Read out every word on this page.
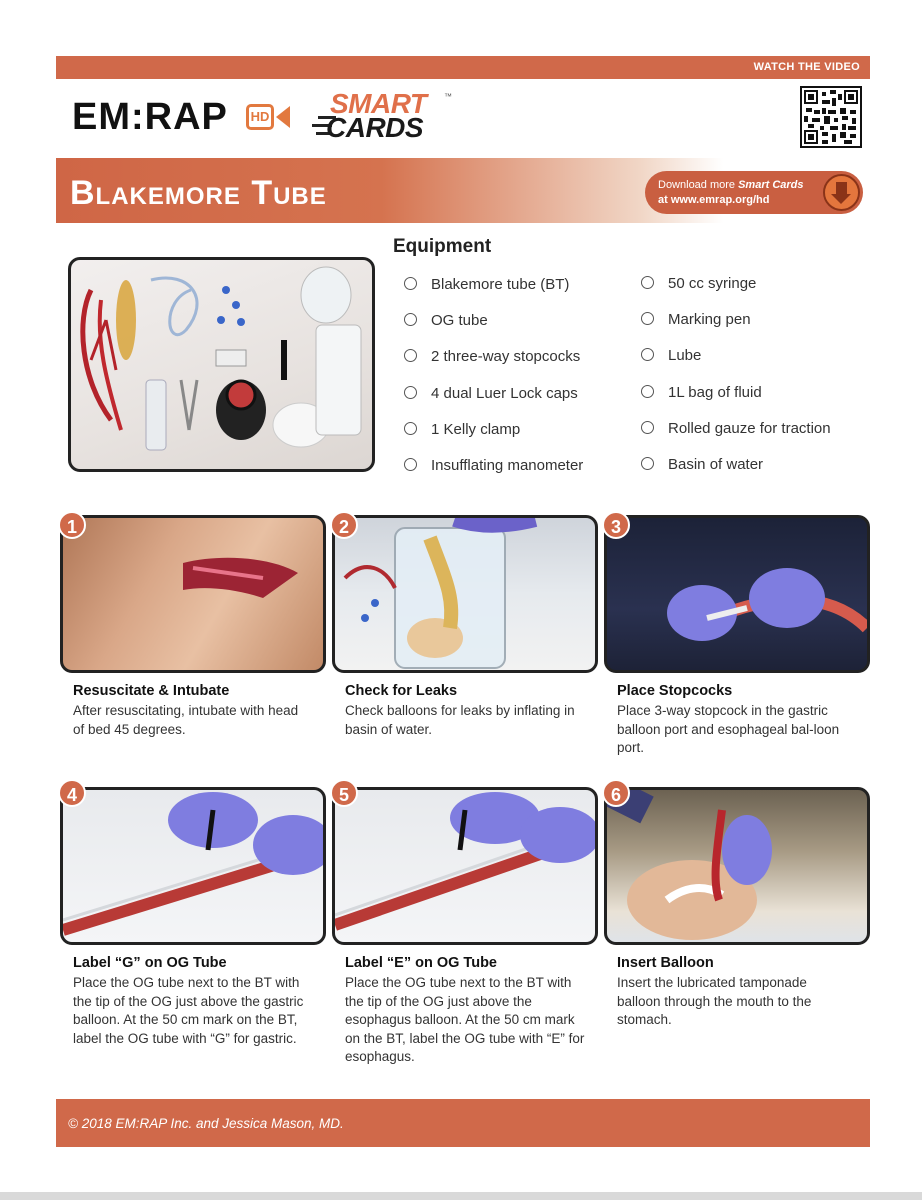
WATCH THE VIDEO
EM:RAP	HD SMART
CARDS
™
Blakemore Tube	Download more Smart Cards
at www.emrap.org/hd
Equipment
Blakemore tube (BT)
OG tube
2 three-way stopcocks
4 dual Luer Lock caps
1 Kelly clamp
Insufflating manometer
50 cc syringe
Marking pen
Lube
1L bag of fluid
Rolled gauze for traction
Basin of water
1	2	3
4	5	6
Resuscitate & Intubate
After resuscitating, intubate with head of bed 45 degrees.
Check for Leaks
Check balloons for leaks by inflating in basin of water.
Place Stopcocks
Place 3-way stopcock in the gastric balloon port and esophageal bal-loon port.
Label “G” on OG Tube
Place the OG tube next to the BT with the tip of the OG just above the gastric balloon. At the 50 cm mark on the BT, label the OG tube with “G” for gastric.
Label “E” on OG Tube
Place the OG tube next to the BT with the tip of the OG just above the esophagus balloon. At the 50 cm mark on the BT, label the OG tube with “E” for esophagus.
Insert Balloon
Insert the lubricated tamponade balloon through the mouth to the stomach.
© 2018 EM:RAP Inc. and Jessica Mason, MD.
